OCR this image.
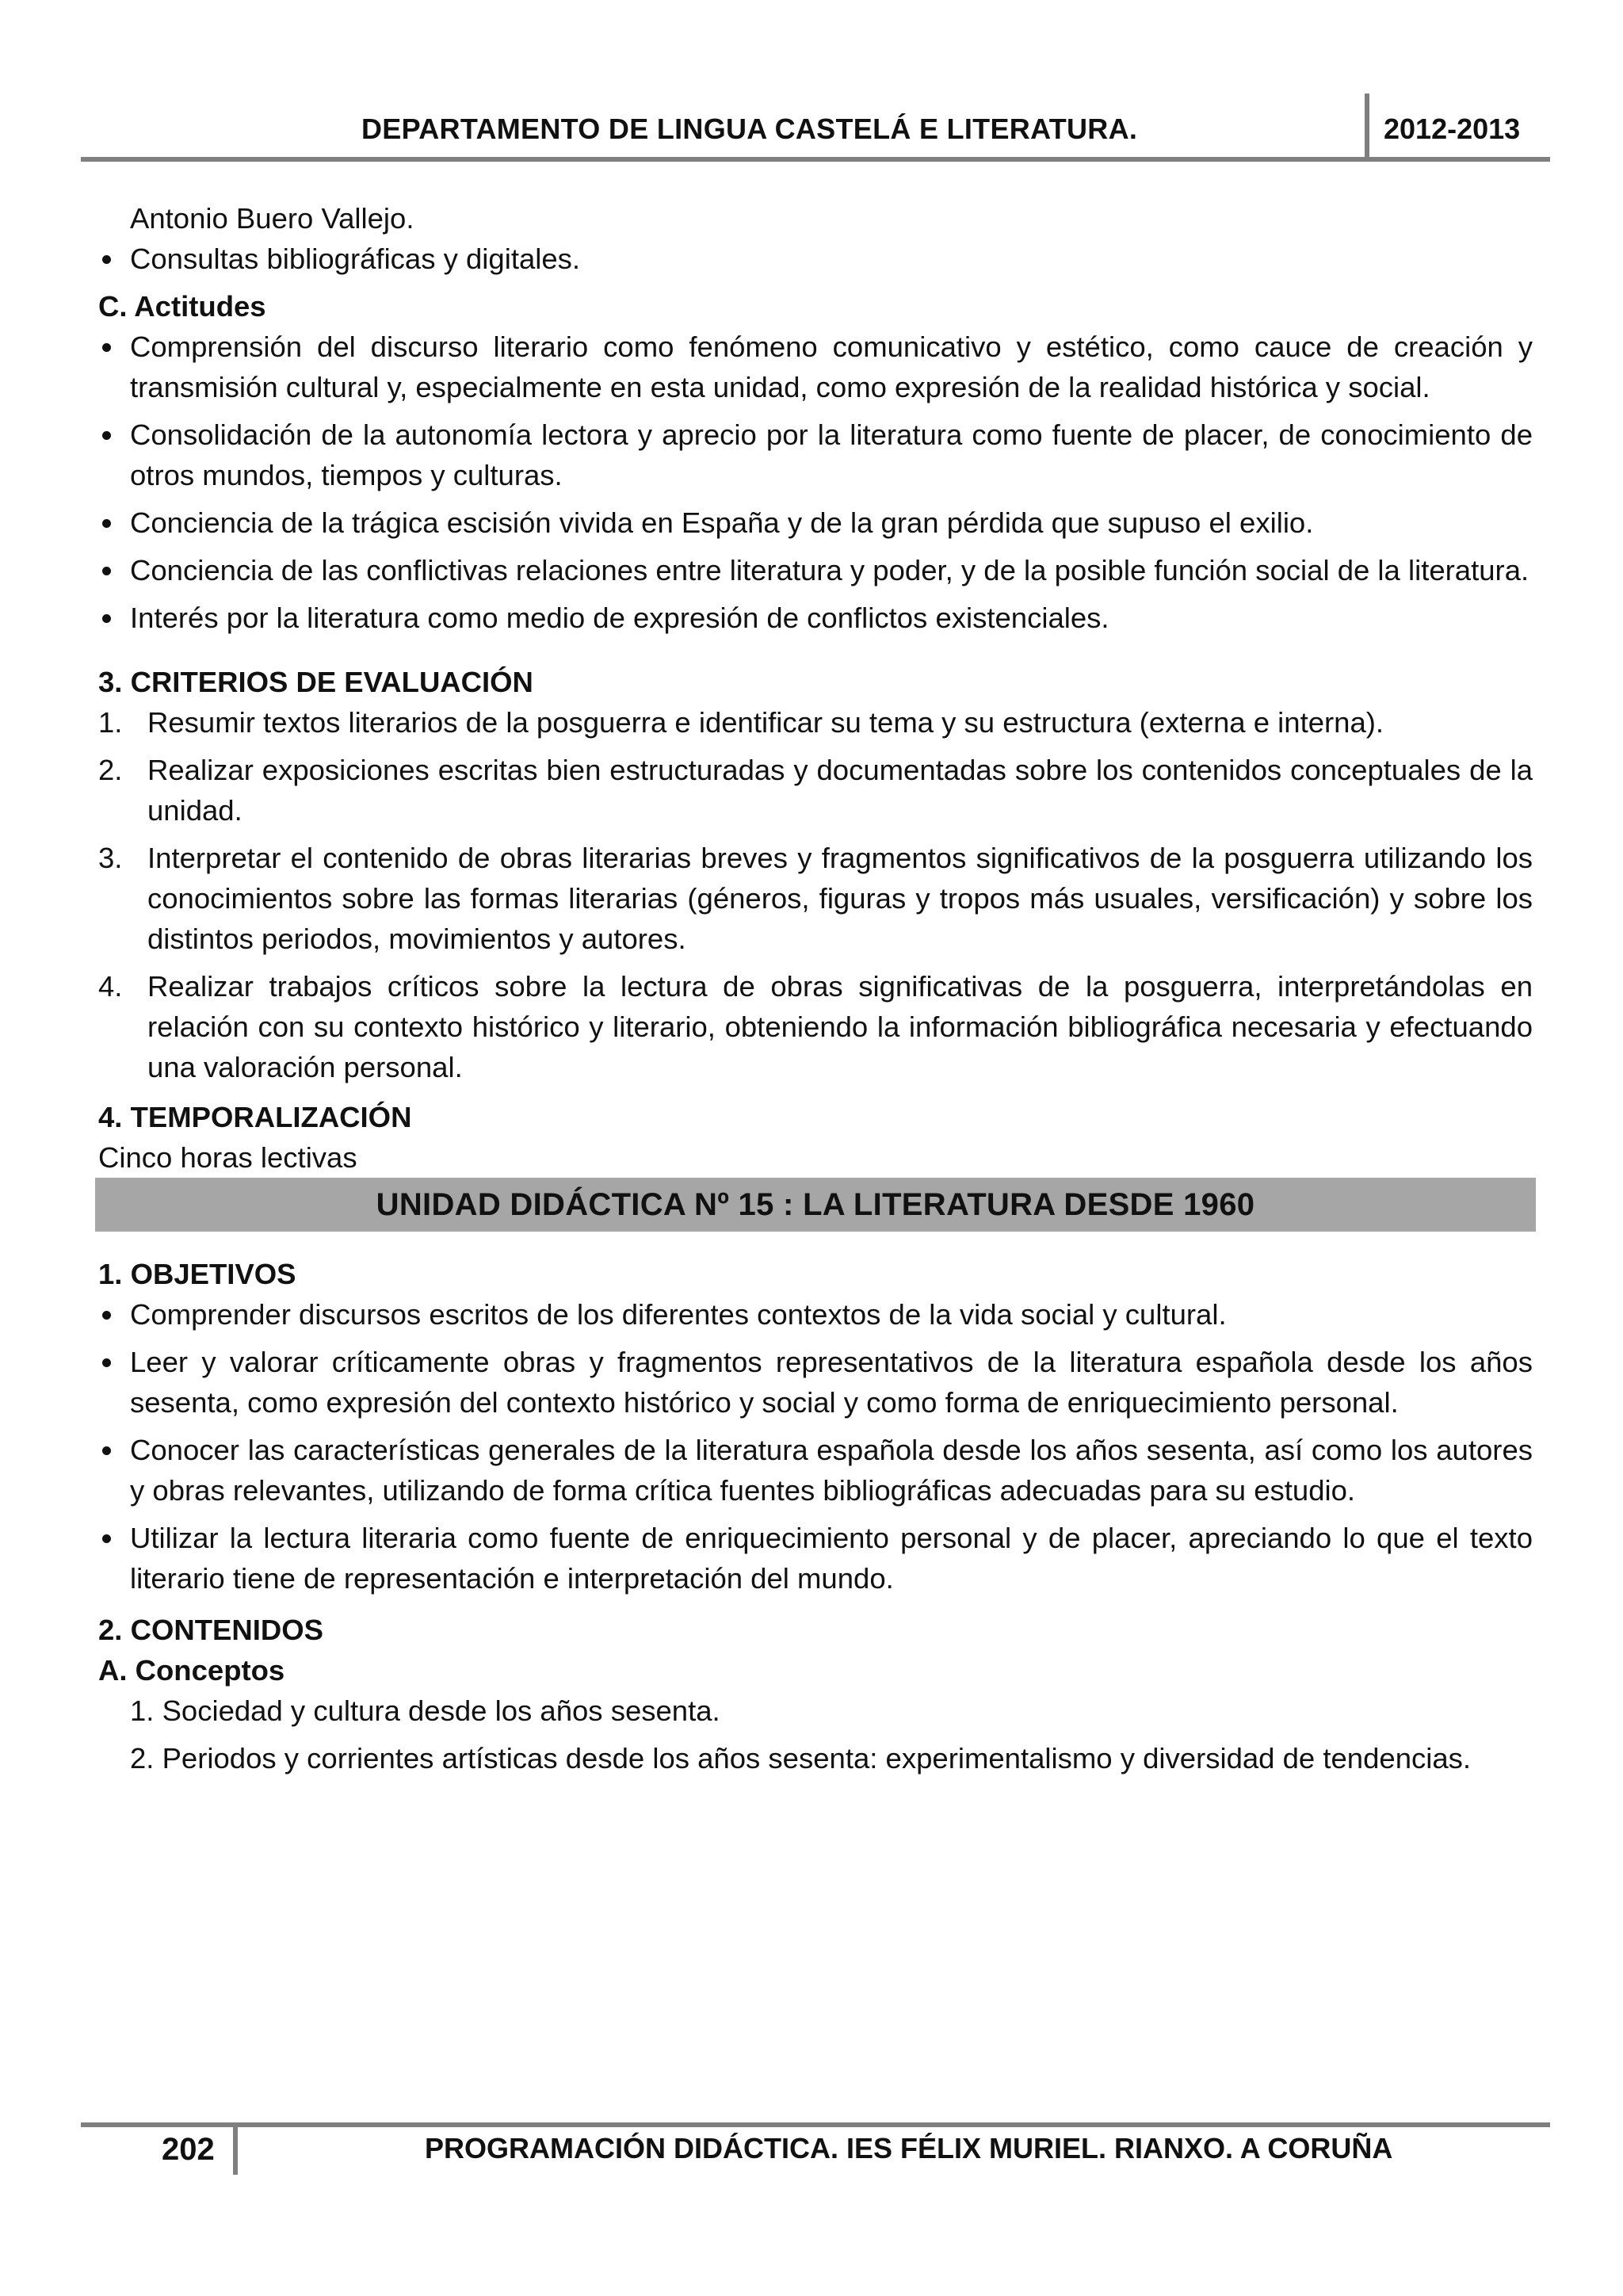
DEPARTAMENTO DE LINGUA CASTELÁ E LITERATURA.	2012-2013

Antonio Buero Vallejo.

Consultas bibliográficas y digitales.

C. Actitudes

Comprensión del discurso literario como fenómeno comunicativo y estético, como cauce de creación y transmisión cultural y, especialmente en esta unidad, como expresión de la realidad histórica y social.
Consolidación de la autonomía lectora y aprecio por la literatura como fuente de placer, de conocimiento de otros mundos, tiempos y culturas.
Conciencia de la trágica escisión vivida en España y de la gran pérdida que supuso el exilio.
Conciencia de las conflictivas relaciones entre literatura y poder, y de la posible función social de la literatura.
Interés por la literatura como medio de expresión de conflictos existenciales.

3. CRITERIOS DE EVALUACIÓN

1. Resumir textos literarios de la posguerra e identificar su tema y su estructura (externa e interna).
2. Realizar exposiciones escritas bien estructuradas y documentadas sobre los contenidos conceptuales de la unidad.
3. Interpretar el contenido de obras literarias breves y fragmentos significativos de la posguerra utilizando los conocimientos sobre las formas literarias (géneros, figuras y tropos más usuales, versificación) y sobre los distintos periodos, movimientos y autores.
4. Realizar trabajos críticos sobre la lectura de obras significativas de la posguerra, interpretándolas en relación con su contexto histórico y literario, obteniendo la información bibliográfica necesaria y efectuando una valoración personal.

4. TEMPORALIZACIÓN

Cinco horas lectivas

UNIDAD DIDÁCTICA Nº 15 : LA LITERATURA DESDE 1960

1. OBJETIVOS

Comprender discursos escritos de los diferentes contextos de la vida social y cultural.
Leer y valorar críticamente obras y fragmentos representativos de la literatura española desde los años sesenta, como expresión del contexto histórico y social y como forma de enriquecimiento personal.
Conocer las características generales de la literatura española desde los años sesenta, así como los autores y obras relevantes, utilizando de forma crítica fuentes bibliográficas adecuadas para su estudio.
Utilizar la lectura literaria como fuente de enriquecimiento personal y de placer, apreciando lo que el texto literario tiene de representación e interpretación del mundo.

2. CONTENIDOS

A. Conceptos

1. Sociedad y cultura desde los años sesenta.
2. Periodos y corrientes artísticas desde los años sesenta: experimentalismo y diversidad de tendencias.
202	PROGRAMACIÓN DIDÁCTICA. IES FÉLIX MURIEL. RIANXO. A CORUÑA
